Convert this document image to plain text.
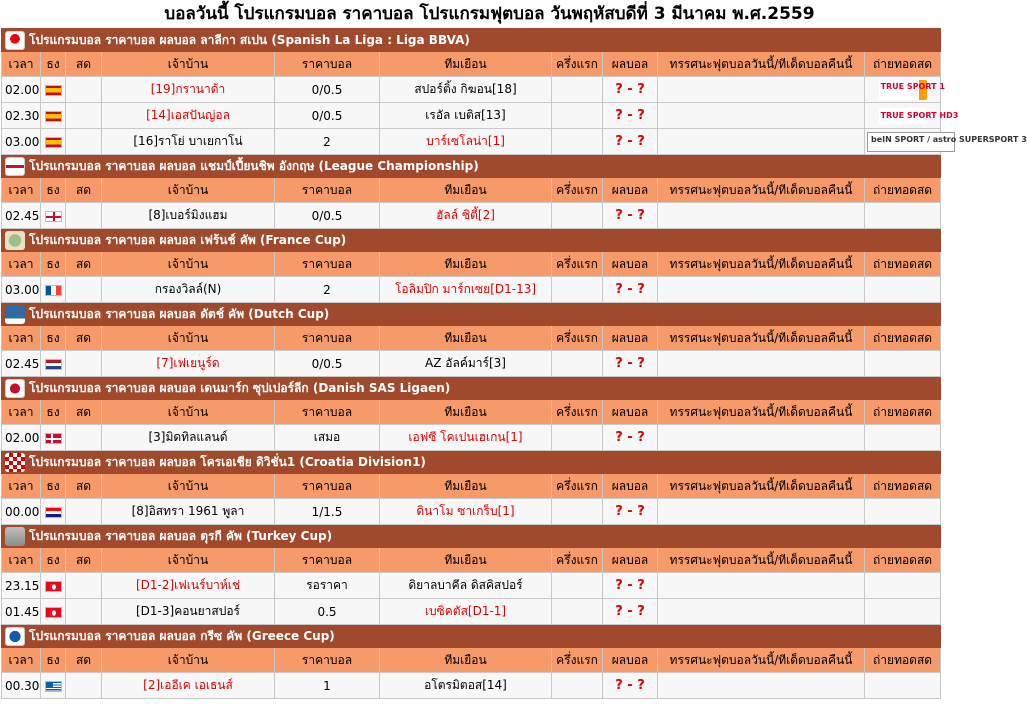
บอลวันนี้ โปรแกรมบอล ราคาบอล โปรแกรมฟุตบอล วันพฤหัสบดีที่ 3 มีนาคม พ.ศ.2559
โปรแกรมบอล ราคาบอล ผลบอล ลาลีกา สเปน (Spanish La Liga : Liga BBVA)									
เวลา	ธง	สด	เจ้าบ้าน	ราคาบอล	ทีมเยือน	ครึ่งแรก	ผลบอล	ทรรศนะฟุตบอลวันนี้/ทีเด็ดบอลคืนนี้	ถ่ายทอดสด
02.00			[19]กรานาด้า	0/0.5	สปอร์ติ้ง กิฆอน[18]		? - ?		TRUE SPORT 1
02.30			[14]เอสปันญ่อล	0/0.5	เรอัล เบติส[13]		? - ?		TRUE SPORT HD3
03.00			[16]ราโย่ บาเยกาโน่	2	บาร์เซโลน่า[1]		? - ?		beIN SPORT / astro SUPERSPORT 3
โปรแกรมบอล ราคาบอล ผลบอล แชมป์เปี้ยนชิพ อังกฤษ (League Championship)									
เวลา	ธง	สด	เจ้าบ้าน	ราคาบอล	ทีมเยือน	ครึ่งแรก	ผลบอล	ทรรศนะฟุตบอลวันนี้/ทีเด็ดบอลคืนนี้	ถ่ายทอดสด
02.45			[8]เบอร์มิงแฮม	0/0.5	ฮัลล์ ซิตี้[2]		? - ?		
โปรแกรมบอล ราคาบอล ผลบอล เฟร้นช์ คัพ (France Cup)									
เวลา	ธง	สด	เจ้าบ้าน	ราคาบอล	ทีมเยือน	ครึ่งแรก	ผลบอล	ทรรศนะฟุตบอลวันนี้/ทีเด็ดบอลคืนนี้	ถ่ายทอดสด
03.00			กรองวิลล์(N)	2	โอลิมปิก มาร์กเซย[D1-13]		? - ?		
โปรแกรมบอล ราคาบอล ผลบอล ดัตช์ คัพ (Dutch Cup)									
เวลา	ธง	สด	เจ้าบ้าน	ราคาบอล	ทีมเยือน	ครึ่งแรก	ผลบอล	ทรรศนะฟุตบอลวันนี้/ทีเด็ดบอลคืนนี้	ถ่ายทอดสด
02.45			[7]เฟเยนูร์ด	0/0.5	AZ อัลค์มาร์[3]		? - ?		
โปรแกรมบอล ราคาบอล ผลบอล เดนมาร์ก ซุปเปอร์ลีก (Danish SAS Ligaen)									
เวลา	ธง	สด	เจ้าบ้าน	ราคาบอล	ทีมเยือน	ครึ่งแรก	ผลบอล	ทรรศนะฟุตบอลวันนี้/ทีเด็ดบอลคืนนี้	ถ่ายทอดสด
02.00			[3]มิดทิลแลนด์	เสมอ	เอฟซี โคเปนเฮเกน[1]		? - ?		
โปรแกรมบอล ราคาบอล ผลบอล โครเอเชีย ดิวิชั่น1 (Croatia Division1)									
เวลา	ธง	สด	เจ้าบ้าน	ราคาบอล	ทีมเยือน	ครึ่งแรก	ผลบอล	ทรรศนะฟุตบอลวันนี้/ทีเด็ดบอลคืนนี้	ถ่ายทอดสด
00.00			[8]อิสทรา 1961 พูลา	1/1.5	ดินาโม ซาเกร็บ[1]		? - ?		
โปรแกรมบอล ราคาบอล ผลบอล ตุรกี คัพ (Turkey Cup)									
เวลา	ธง	สด	เจ้าบ้าน	ราคาบอล	ทีมเยือน	ครึ่งแรก	ผลบอล	ทรรศนะฟุตบอลวันนี้/ทีเด็ดบอลคืนนี้	ถ่ายทอดสด
23.15			[D1-2]เฟเนร์บาห์เช่	รอราคา	ดิยาลบาคีล ดิสคิสปอร์		? - ?		
01.45			[D1-3]คอนยาสปอร์	0.5	เบซิคตัส[D1-1]		? - ?		
โปรแกรมบอล ราคาบอล ผลบอล กรีซ คัพ (Greece Cup)									
เวลา	ธง	สด	เจ้าบ้าน	ราคาบอล	ทีมเยือน	ครึ่งแรก	ผลบอล	ทรรศนะฟุตบอลวันนี้/ทีเด็ดบอลคืนนี้	ถ่ายทอดสด
00.30			[2]เออีเค เอเธนส์	1	อโตรมิตอส[14]		? - ?		
